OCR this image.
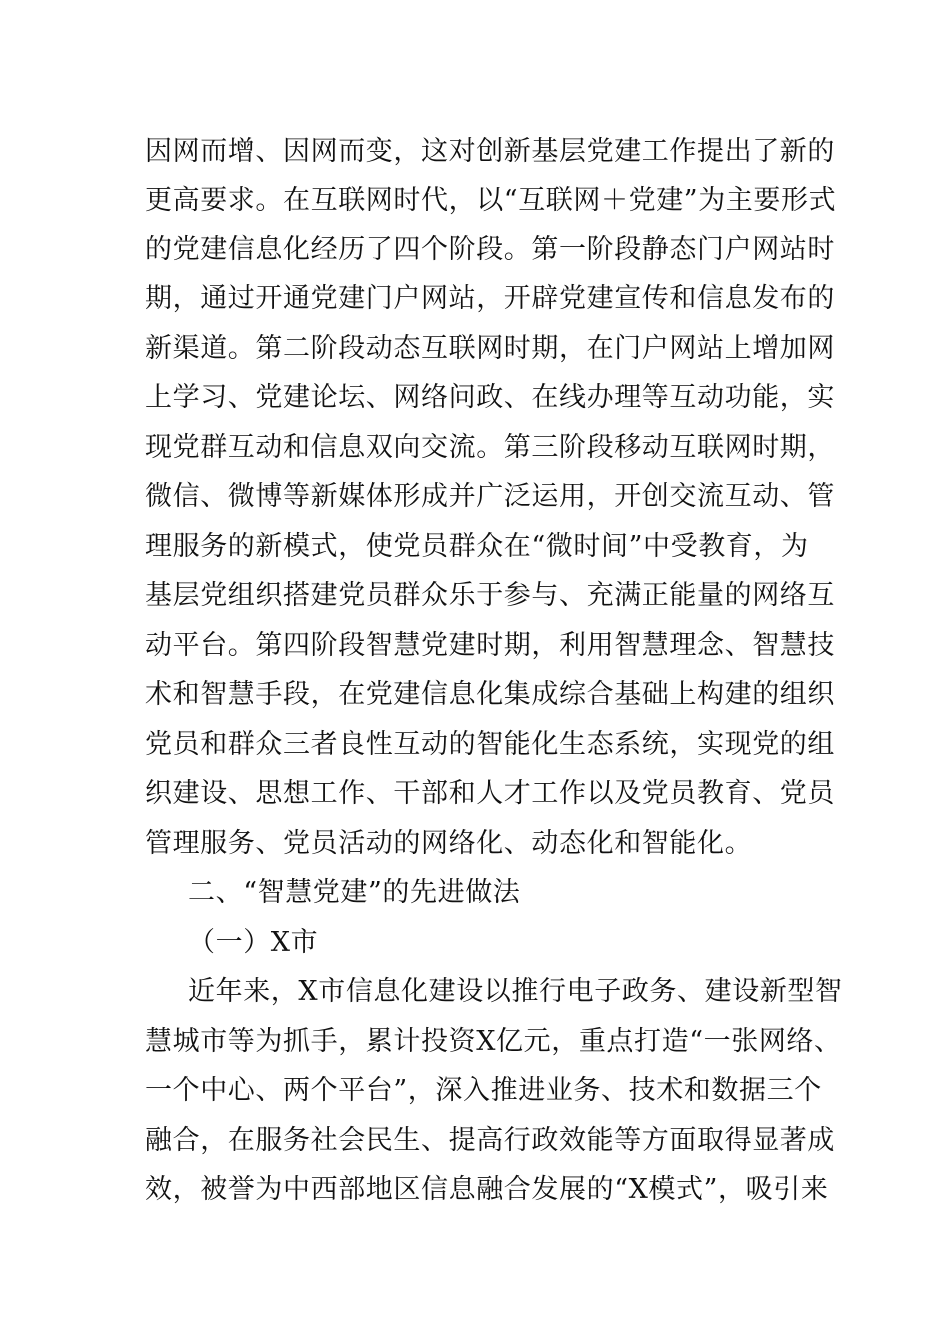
因网而增、因网而变，这对创新基层党建工作提出了新的

更高要求。在互联网时代，以“互联网＋党建”为主要形式

的党建信息化经历了四个阶段。第一阶段静态门户网站时

期，通过开通党建门户网站，开辟党建宣传和信息发布的

新渠道。第二阶段动态互联网时期，在门户网站上增加网

上学习、党建论坛、网络问政、在线办理等互动功能，实

现党群互动和信息双向交流。第三阶段移动互联网时期，

微信、微博等新媒体形成并广泛运用，开创交流互动、管

理服务的新模式，使党员群众在“微时间”中受教育，为

基层党组织搭建党员群众乐于参与、充满正能量的网络互

动平台。第四阶段智慧党建时期，利用智慧理念、智慧技

术和智慧手段，在党建信息化集成综合基础上构建的组织

党员和群众三者良性互动的智能化生态系统，实现党的组

织建设、思想工作、干部和人才工作以及党员教育、党员

管理服务、党员活动的网络化、动态化和智能化。

二、“智慧党建”的先进做法

（一）X市

近年来，X市信息化建设以推行电子政务、建设新型智

慧城市等为抓手，累计投资X亿元，重点打造“一张网络、

一个中心、两个平台”，深入推进业务、技术和数据三个

融合，在服务社会民生、提高行政效能等方面取得显著成

效，被誉为中西部地区信息融合发展的“X模式”，吸引来
